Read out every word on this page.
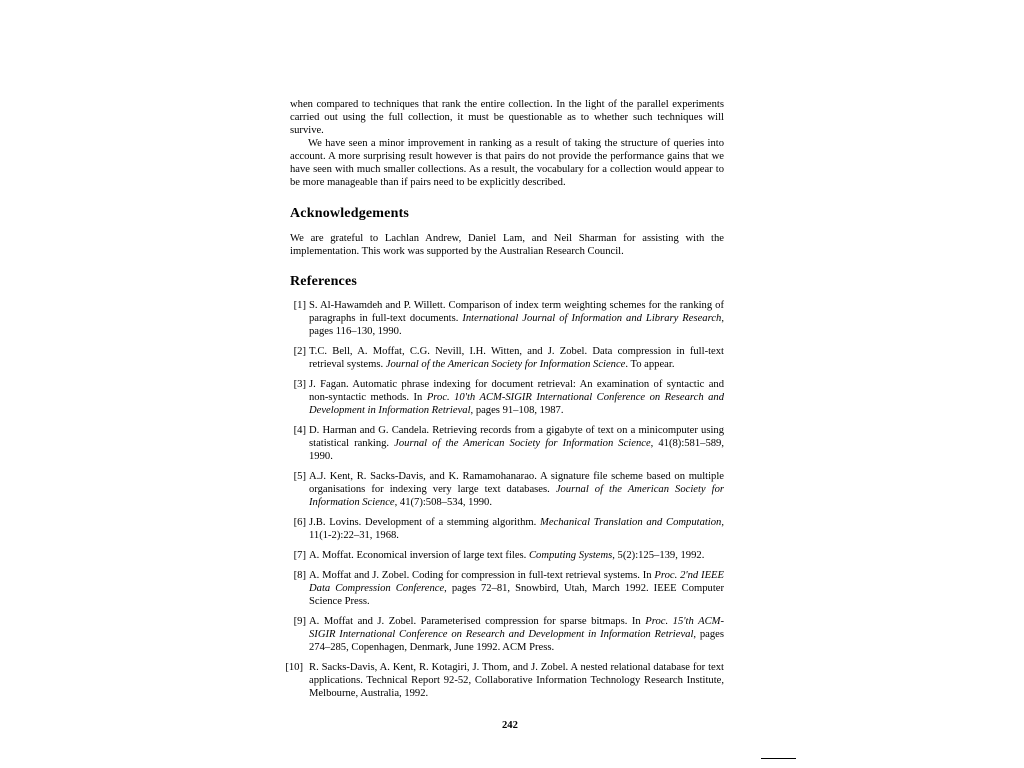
when compared to techniques that rank the entire collection. In the light of the parallel experiments carried out using the full collection, it must be questionable as to whether such techniques will survive.

We have seen a minor improvement in ranking as a result of taking the structure of queries into account. A more surprising result however is that pairs do not provide the performance gains that we have seen with much smaller collections. As a result, the vocabulary for a collection would appear to be more manageable than if pairs need to be explicitly described.

Acknowledgements

We are grateful to Lachlan Andrew, Daniel Lam, and Neil Sharman for assisting with the implementation. This work was supported by the Australian Research Council.

References
[1] S. Al-Hawamdeh and P. Willett. Comparison of index term weighting schemes for the ranking of paragraphs in full-text documents. International Journal of Information and Library Research, pages 116–130, 1990.
[2] T.C. Bell, A. Moffat, C.G. Nevill, I.H. Witten, and J. Zobel. Data compression in full-text retrieval systems. Journal of the American Society for Information Science. To appear.
[3] J. Fagan. Automatic phrase indexing for document retrieval: An examination of syntactic and non-syntactic methods. In Proc. 10'th ACM-SIGIR International Conference on Research and Development in Information Retrieval, pages 91–108, 1987.
[4] D. Harman and G. Candela. Retrieving records from a gigabyte of text on a minicomputer using statistical ranking. Journal of the American Society for Information Science, 41(8):581–589, 1990.
[5] A.J. Kent, R. Sacks-Davis, and K. Ramamohanarao. A signature file scheme based on multiple organisations for indexing very large text databases. Journal of the American Society for Information Science, 41(7):508–534, 1990.
[6] J.B. Lovins. Development of a stemming algorithm. Mechanical Translation and Computation, 11(1-2):22–31, 1968.
[7] A. Moffat. Economical inversion of large text files. Computing Systems, 5(2):125–139, 1992.
[8] A. Moffat and J. Zobel. Coding for compression in full-text retrieval systems. In Proc. 2'nd IEEE Data Compression Conference, pages 72–81, Snowbird, Utah, March 1992. IEEE Computer Science Press.
[9] A. Moffat and J. Zobel. Parameterised compression for sparse bitmaps. In Proc. 15'th ACM-SIGIR International Conference on Research and Development in Information Retrieval, pages 274–285, Copenhagen, Denmark, June 1992. ACM Press.
[10] R. Sacks-Davis, A. Kent, R. Kotagiri, J. Thom, and J. Zobel. A nested relational database for text applications. Technical Report 92-52, Collaborative Information Technology Research Institute, Melbourne, Australia, 1992.
242
